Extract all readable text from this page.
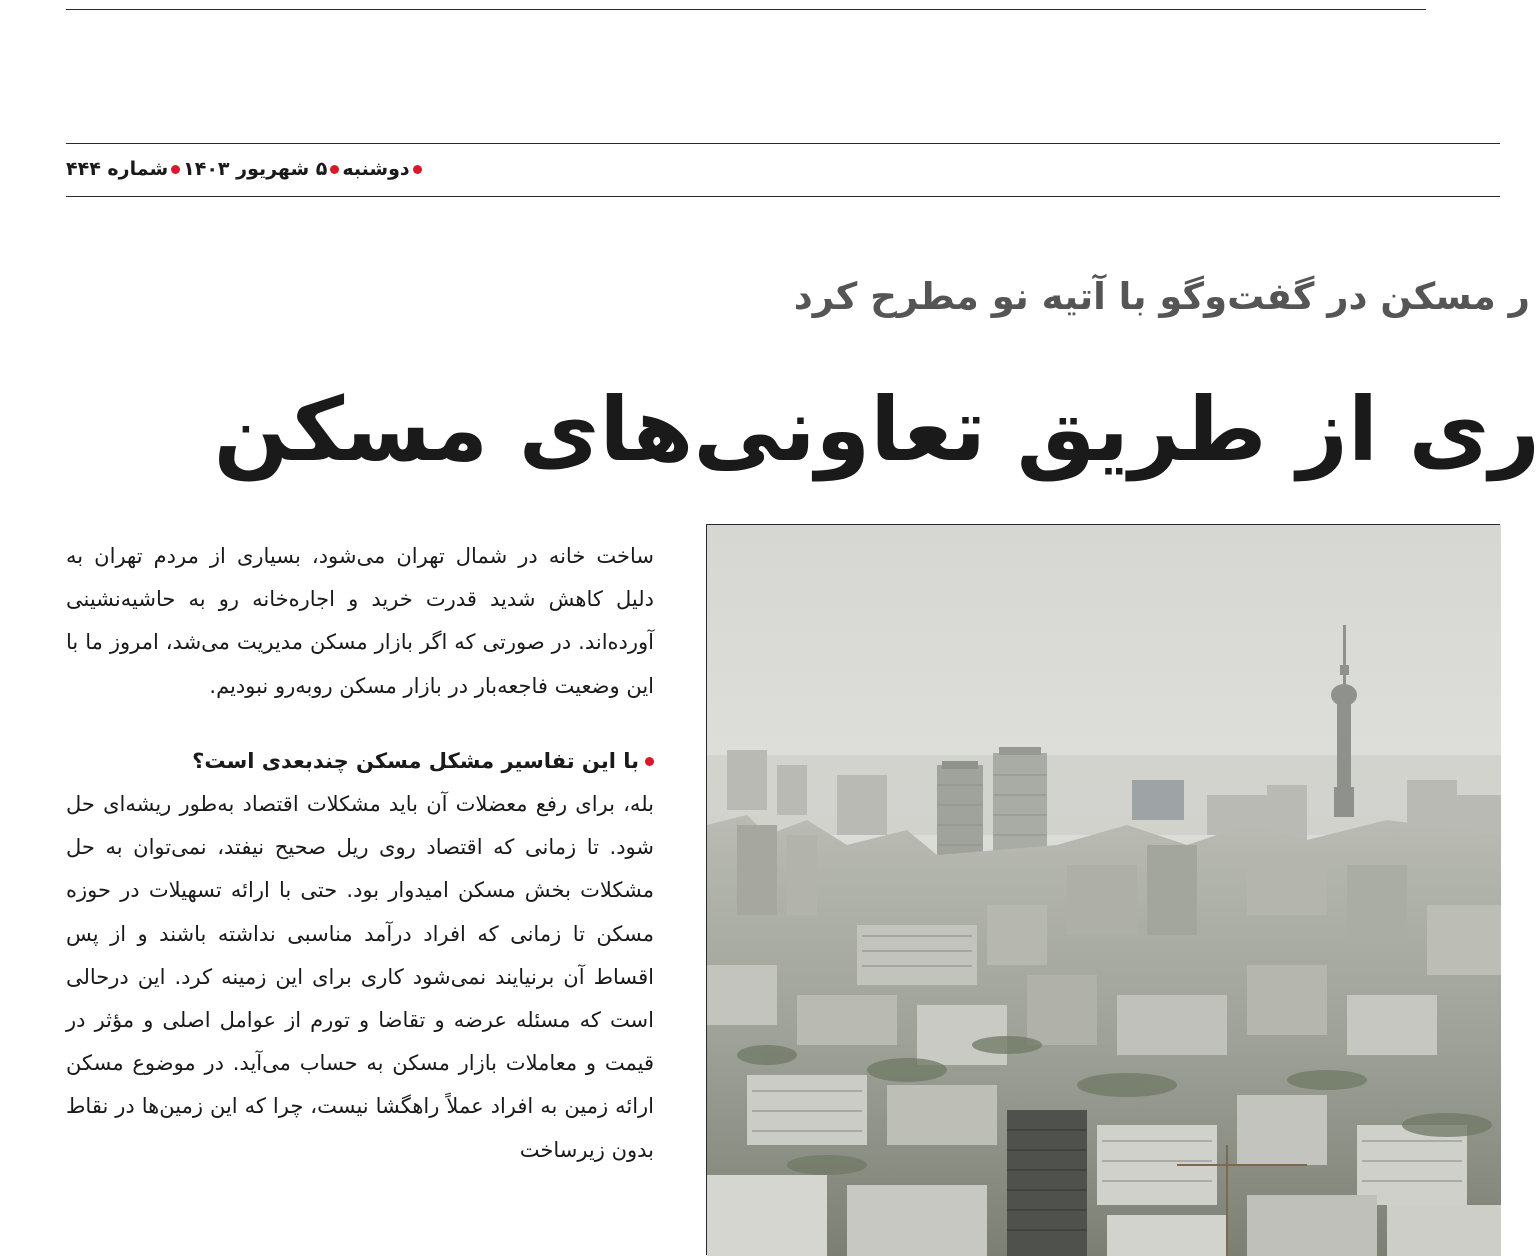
دوشنبه۵ شهریور ۱۴۰۳شماره ۴۴۴
ر مسکن در گفت‌وگو با آتیه نو مطرح کرد
ری از طریق تعاونی‌های مسکن

ساخت خانه در شمال تهران می‌شود، بسیاری از مردم تهران به دلیل کاهش شدید قدرت خرید و اجاره‌خانه رو به حاشیه‌نشینی آورده‌اند. در صورتی که اگر بازار مسکن مدیریت می‌شد، امروز ما با این وضعیت فاجعه‌بار در بازار مسکن روبه‌رو نبودیم.

با این تفاسیر مشکل مسکن چندبعدی است؟

بله، برای رفع معضلات آن باید مشکلات اقتصاد به‌طور ریشه‌ای حل شود. تا زمانی که اقتصاد روی ریل صحیح نیفتد، نمی‌توان به حل مشکلات بخش مسکن امیدوار بود. حتی با ارائه تسهیلات در حوزه مسکن تا زمانی که افراد درآمد مناسبی نداشته باشند و از پس اقساط آن برنیایند نمی‌شود کاری برای این زمینه کرد. این درحالی است که مسئله عرضه و تقاضا و تورم از عوامل اصلی و مؤثر در قیمت و معاملات بازار مسکن به حساب می‌آید. در موضوع مسکن ارائه زمین به افراد عملاً راهگشا نیست، چرا که این زمین‌ها در نقاط بدون زیرساخت
